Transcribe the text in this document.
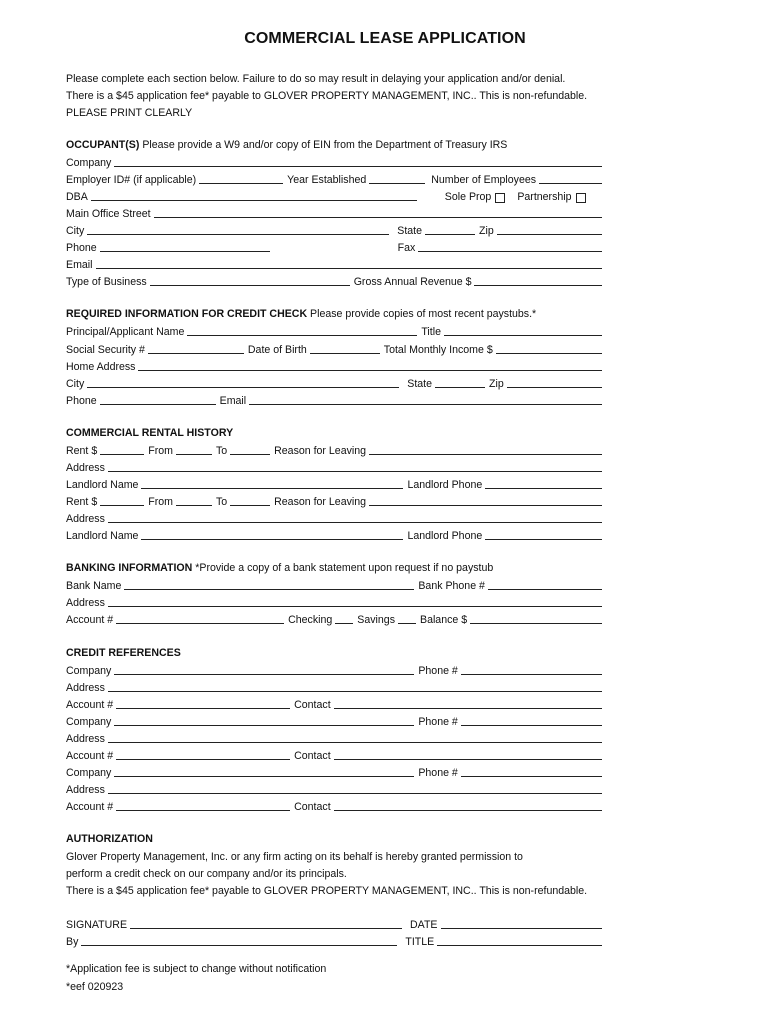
COMMERCIAL LEASE APPLICATION
Please complete each section below. Failure to do so may result in delaying your application and/or denial.
There is a $45 application fee* payable to GLOVER PROPERTY MANAGEMENT, INC.. This is non-refundable.
PLEASE PRINT CLEARLY
OCCUPANT(S) Please provide a W9 and/or copy of EIN from the Department of Treasury IRS
Company
Employer ID# (if applicable)	Year Established	Number of Employees
DBA	Sole Prop Partnership
Main Office Street
City	State	Zip
Phone	Fax
Email
Type of Business	Gross Annual Revenue $
REQUIRED INFORMATION FOR CREDIT CHECK Please provide copies of most recent paystubs.*
Principal/Applicant Name	Title
Social Security #	Date of Birth	Total Monthly Income $
Home Address
City	State	Zip
Phone	Email
COMMERCIAL RENTAL HISTORY
Rent $	From	To	Reason for Leaving
Address
Landlord Name	Landlord Phone
Rent $	From	To	Reason for Leaving
Address
Landlord Name	Landlord Phone
BANKING INFORMATION *Provide a copy of a bank statement upon request if no paystub
Bank Name	Bank Phone #
Address
Account #	Checking Savings Balance $
CREDIT REFERENCES
Company	Phone #
Address
Account #	Contact
Company	Phone #
Address
Account #	Contact
Company	Phone #
Address
Account #	Contact
AUTHORIZATION
Glover Property Management, Inc. or any firm acting on its behalf is hereby granted permission to
perform a credit check on our company and/or its principals.
There is a $45 application fee* payable to GLOVER PROPERTY MANAGEMENT, INC.. This is non-refundable.
SIGNATURE	DATE
By	TITLE
*Application fee is subject to change without notification
*eef 020923
